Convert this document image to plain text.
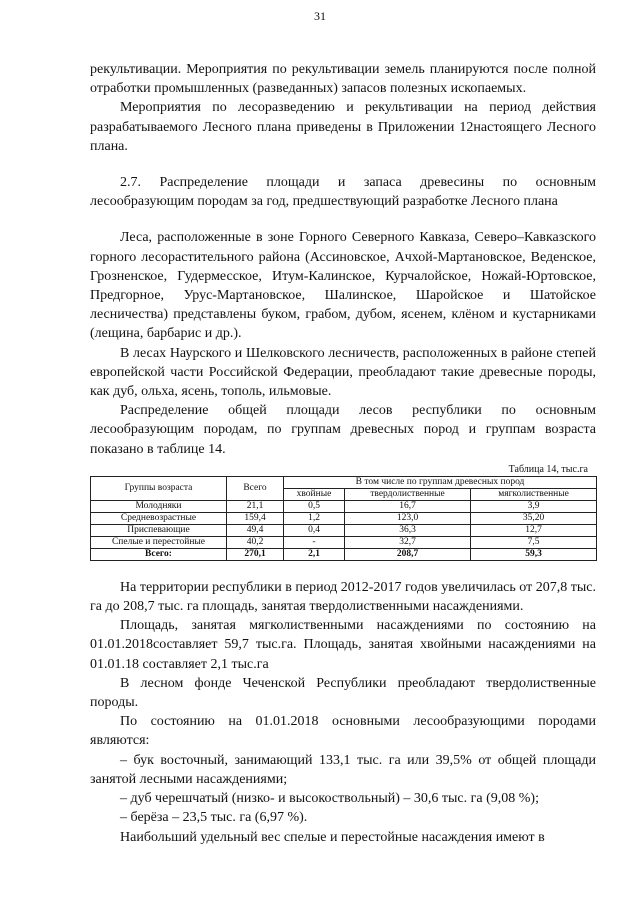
31

рекультивации. Мероприятия по рекультивации земель планируются после полной отработки промышленных (разведанных) запасов полезных ископаемых.

Мероприятия по лесоразведению и рекультивации на период действия разрабатываемого Лесного плана приведены в Приложении 12настоящего Лесного плана.

2.7. Распределение площади и запаса древесины по основным лесообразующим породам за год, предшествующий разработке Лесного плана

Леса, расположенные в зоне Горного Северного Кавказа, Северо–Кавказского горного лесорастительного района (Ассиновское, Ачхой-Мартановское, Веденское, Грозненское, Гудермесское, Итум-Калинское, Курчалойское, Ножай-Юртовское, Предгорное, Урус-Мартановское, Шалинское, Шаройское и Шатойское лесничества) представлены буком, грабом, дубом, ясенем, клёном и кустарниками (лещина, барбарис и др.).

В лесах Наурского и Шелковского лесничеств, расположенных в районе степей европейской части Российской Федерации, преобладают такие древесные породы, как дуб, ольха, ясень, тополь, ильмовые.

Распределение общей площади лесов республики по основным лесообразующим породам, по группам древесных пород и группам возраста показано в таблице 14.

Таблица 14, тыс.га
Группы возраста	Всего	В том числе по группам древесных пород		
		хвойные	твердолиственные	мягколиственные
Молодняки	21,1	0,5	16,7	3,9
Средневозрастные	159,4	1,2	123,0	35,20
Приспевающие	49,4	0,4	36,3	12,7
Спелые и перестойные	40,2	-	32,7	7,5
Всего:	270,1	2,1	208,7	59,3

На территории республики в период 2012-2017 годов увеличилась от 207,8 тыс. га до 208,7 тыс. га площадь, занятая твердолиственными насаждениями.

Площадь, занятая мягколиственными насаждениями по состоянию на 01.01.2018составляет 59,7 тыс.га. Площадь, занятая хвойными насаждениями на 01.01.18 составляет 2,1 тыс.га

В лесном фонде Чеченской Республики преобладают твердолиственные породы.

По состоянию на 01.01.2018 основными лесообразующими породами являются:

– бук восточный, занимающий 133,1 тыс. га или 39,5% от общей площади занятой лесными насаждениями;

– дуб черешчатый (низко- и высокоствольный) – 30,6 тыс. га (9,08 %);

– берёза – 23,5 тыс. га (6,97 %).

Наибольший удельный вес спелые и перестойные насаждения имеют в
